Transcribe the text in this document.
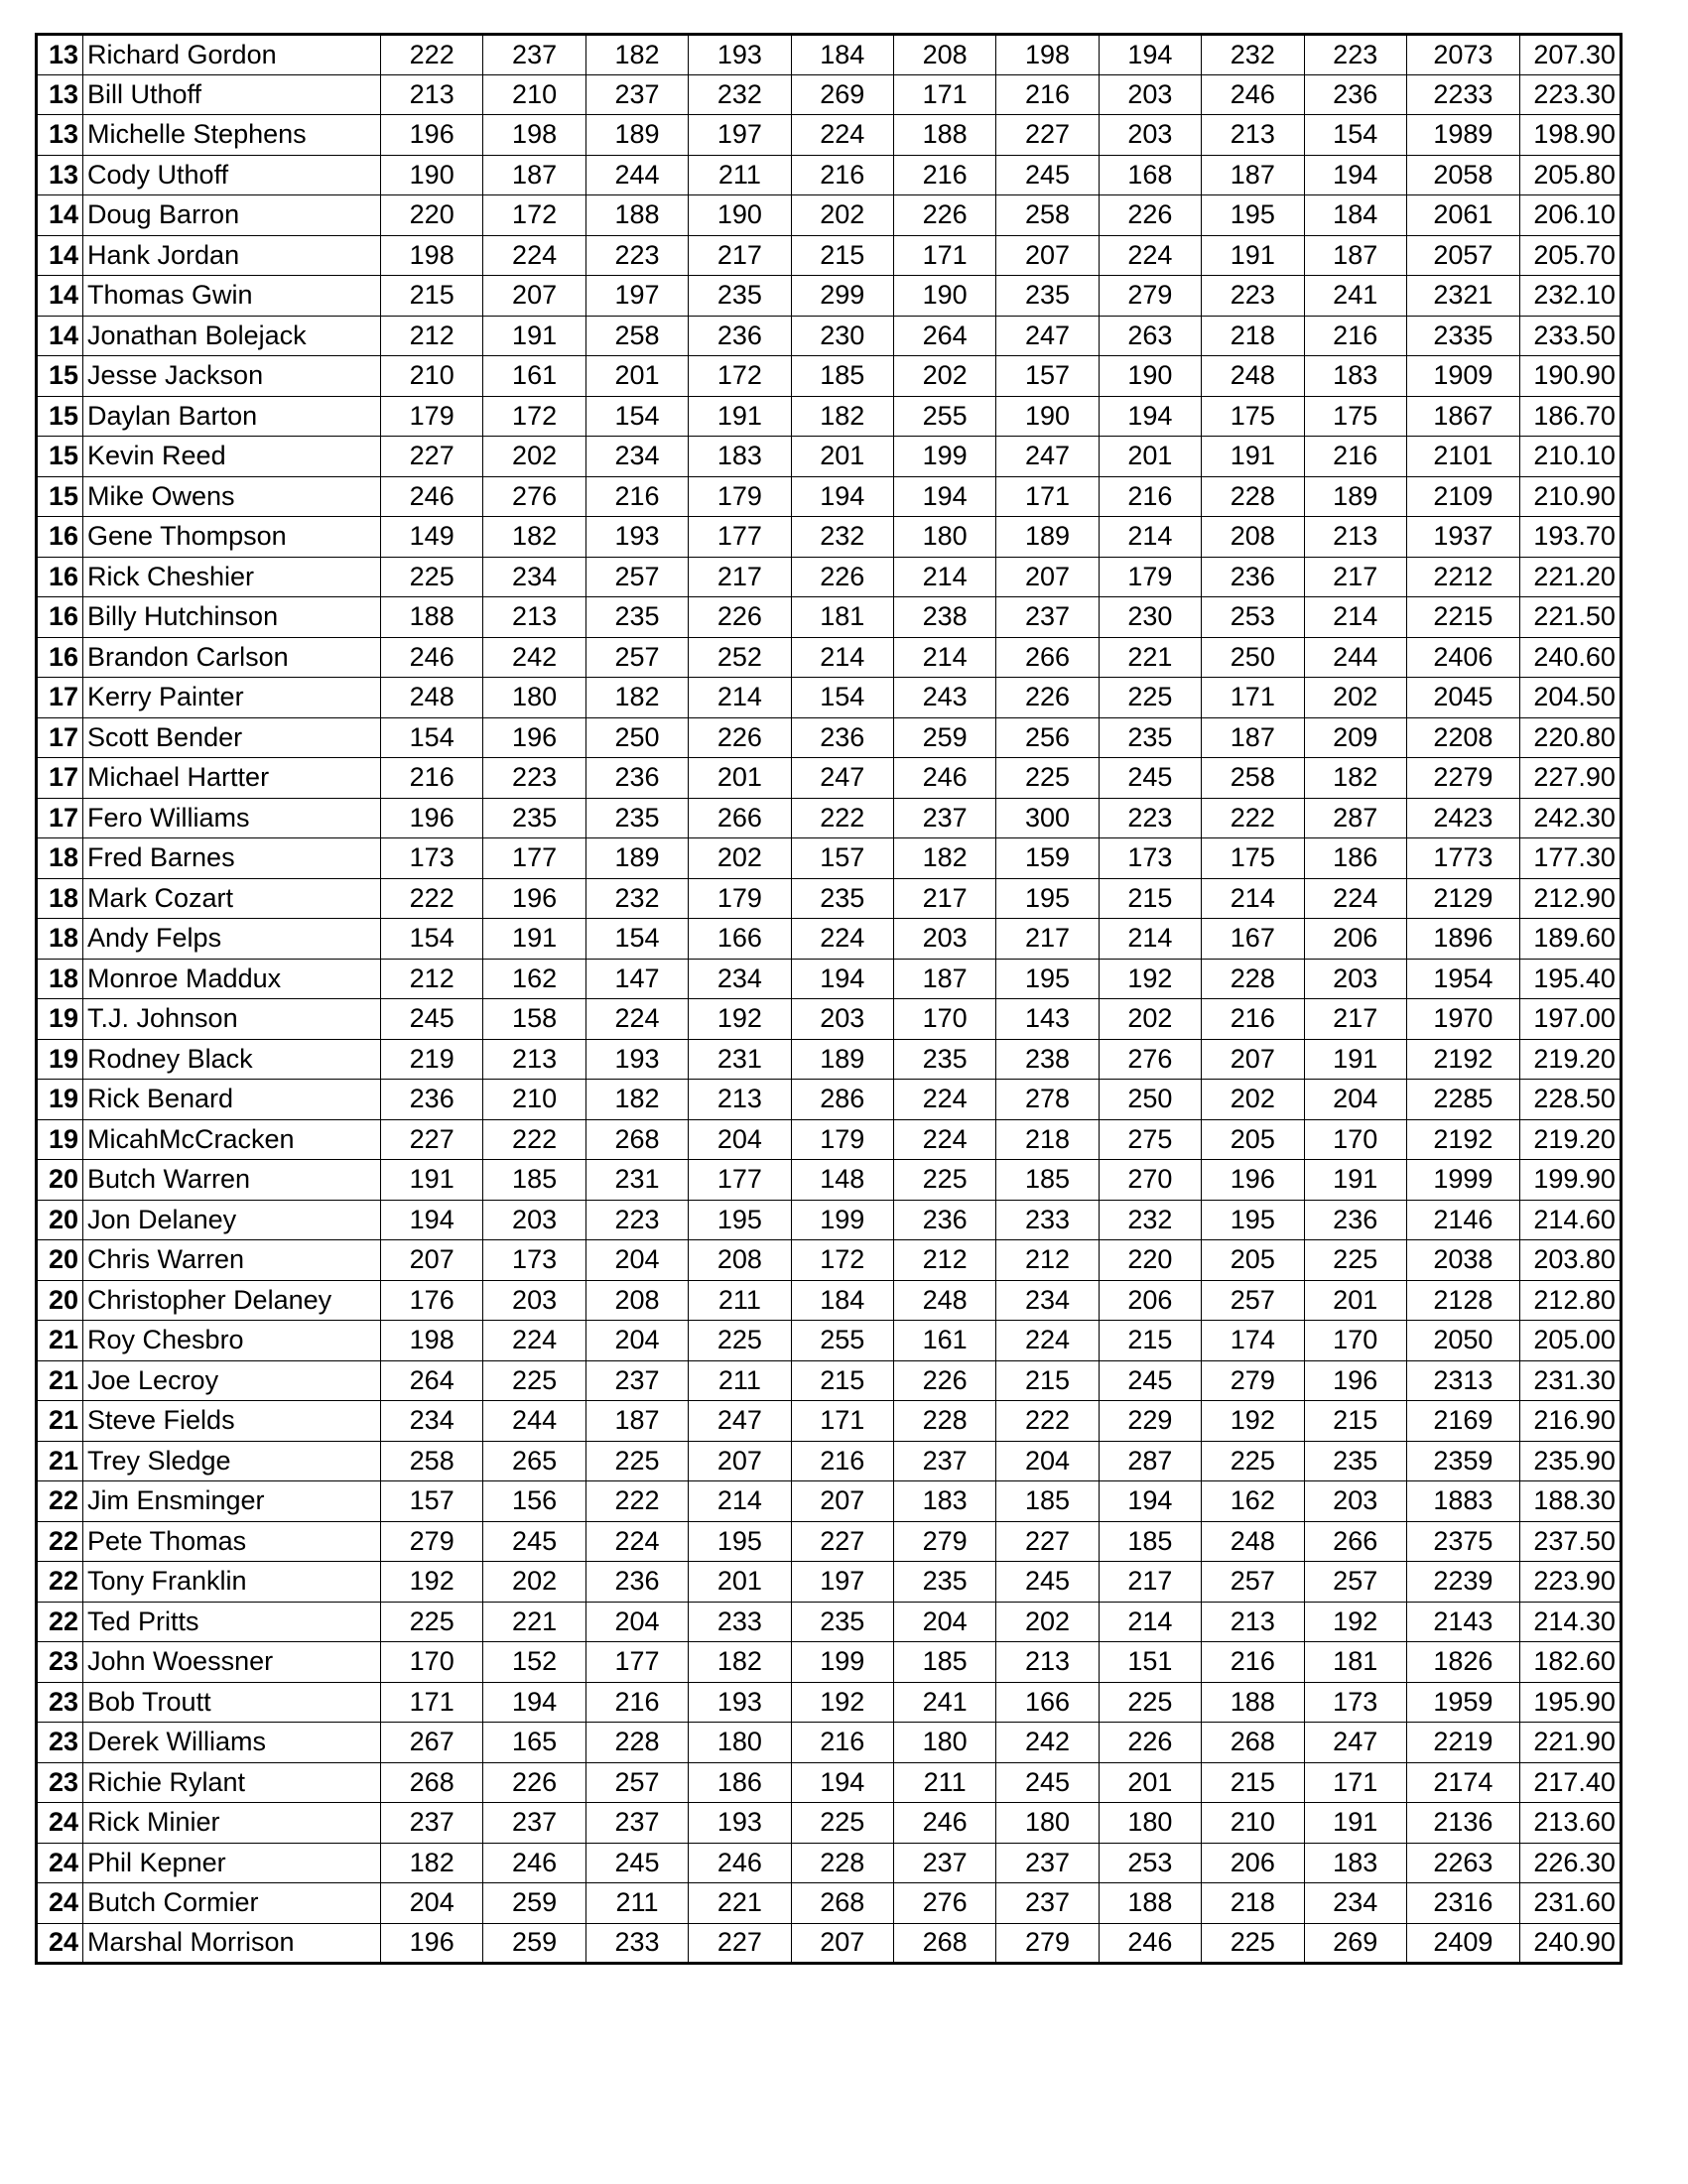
13	Richard Gordon	222	237	182	193	184	208	198	194	232	223	2073	207.30
13	Bill Uthoff	213	210	237	232	269	171	216	203	246	236	2233	223.30
13	Michelle Stephens	196	198	189	197	224	188	227	203	213	154	1989	198.90
13	Cody Uthoff	190	187	244	211	216	216	245	168	187	194	2058	205.80
14	Doug Barron	220	172	188	190	202	226	258	226	195	184	2061	206.10
14	Hank Jordan	198	224	223	217	215	171	207	224	191	187	2057	205.70
14	Thomas Gwin	215	207	197	235	299	190	235	279	223	241	2321	232.10
14	Jonathan Bolejack	212	191	258	236	230	264	247	263	218	216	2335	233.50
15	Jesse Jackson	210	161	201	172	185	202	157	190	248	183	1909	190.90
15	Daylan Barton	179	172	154	191	182	255	190	194	175	175	1867	186.70
15	Kevin Reed	227	202	234	183	201	199	247	201	191	216	2101	210.10
15	Mike Owens	246	276	216	179	194	194	171	216	228	189	2109	210.90
16	Gene Thompson	149	182	193	177	232	180	189	214	208	213	1937	193.70
16	Rick Cheshier	225	234	257	217	226	214	207	179	236	217	2212	221.20
16	Billy Hutchinson	188	213	235	226	181	238	237	230	253	214	2215	221.50
16	Brandon Carlson	246	242	257	252	214	214	266	221	250	244	2406	240.60
17	Kerry Painter	248	180	182	214	154	243	226	225	171	202	2045	204.50
17	Scott Bender	154	196	250	226	236	259	256	235	187	209	2208	220.80
17	Michael Hartter	216	223	236	201	247	246	225	245	258	182	2279	227.90
17	Fero Williams	196	235	235	266	222	237	300	223	222	287	2423	242.30
18	Fred Barnes	173	177	189	202	157	182	159	173	175	186	1773	177.30
18	Mark Cozart	222	196	232	179	235	217	195	215	214	224	2129	212.90
18	Andy Felps	154	191	154	166	224	203	217	214	167	206	1896	189.60
18	Monroe Maddux	212	162	147	234	194	187	195	192	228	203	1954	195.40
19	T.J. Johnson	245	158	224	192	203	170	143	202	216	217	1970	197.00
19	Rodney Black	219	213	193	231	189	235	238	276	207	191	2192	219.20
19	Rick Benard	236	210	182	213	286	224	278	250	202	204	2285	228.50
19	MicahMcCracken	227	222	268	204	179	224	218	275	205	170	2192	219.20
20	Butch Warren	191	185	231	177	148	225	185	270	196	191	1999	199.90
20	Jon Delaney	194	203	223	195	199	236	233	232	195	236	2146	214.60
20	Chris Warren	207	173	204	208	172	212	212	220	205	225	2038	203.80
20	Christopher Delaney	176	203	208	211	184	248	234	206	257	201	2128	212.80
21	Roy Chesbro	198	224	204	225	255	161	224	215	174	170	2050	205.00
21	Joe Lecroy	264	225	237	211	215	226	215	245	279	196	2313	231.30
21	Steve Fields	234	244	187	247	171	228	222	229	192	215	2169	216.90
21	Trey Sledge	258	265	225	207	216	237	204	287	225	235	2359	235.90
22	Jim Ensminger	157	156	222	214	207	183	185	194	162	203	1883	188.30
22	Pete Thomas	279	245	224	195	227	279	227	185	248	266	2375	237.50
22	Tony Franklin	192	202	236	201	197	235	245	217	257	257	2239	223.90
22	Ted Pritts	225	221	204	233	235	204	202	214	213	192	2143	214.30
23	John Woessner	170	152	177	182	199	185	213	151	216	181	1826	182.60
23	Bob Troutt	171	194	216	193	192	241	166	225	188	173	1959	195.90
23	Derek Williams	267	165	228	180	216	180	242	226	268	247	2219	221.90
23	Richie Rylant	268	226	257	186	194	211	245	201	215	171	2174	217.40
24	Rick Minier	237	237	237	193	225	246	180	180	210	191	2136	213.60
24	Phil Kepner	182	246	245	246	228	237	237	253	206	183	2263	226.30
24	Butch Cormier	204	259	211	221	268	276	237	188	218	234	2316	231.60
24	Marshal Morrison	196	259	233	227	207	268	279	246	225	269	2409	240.90
